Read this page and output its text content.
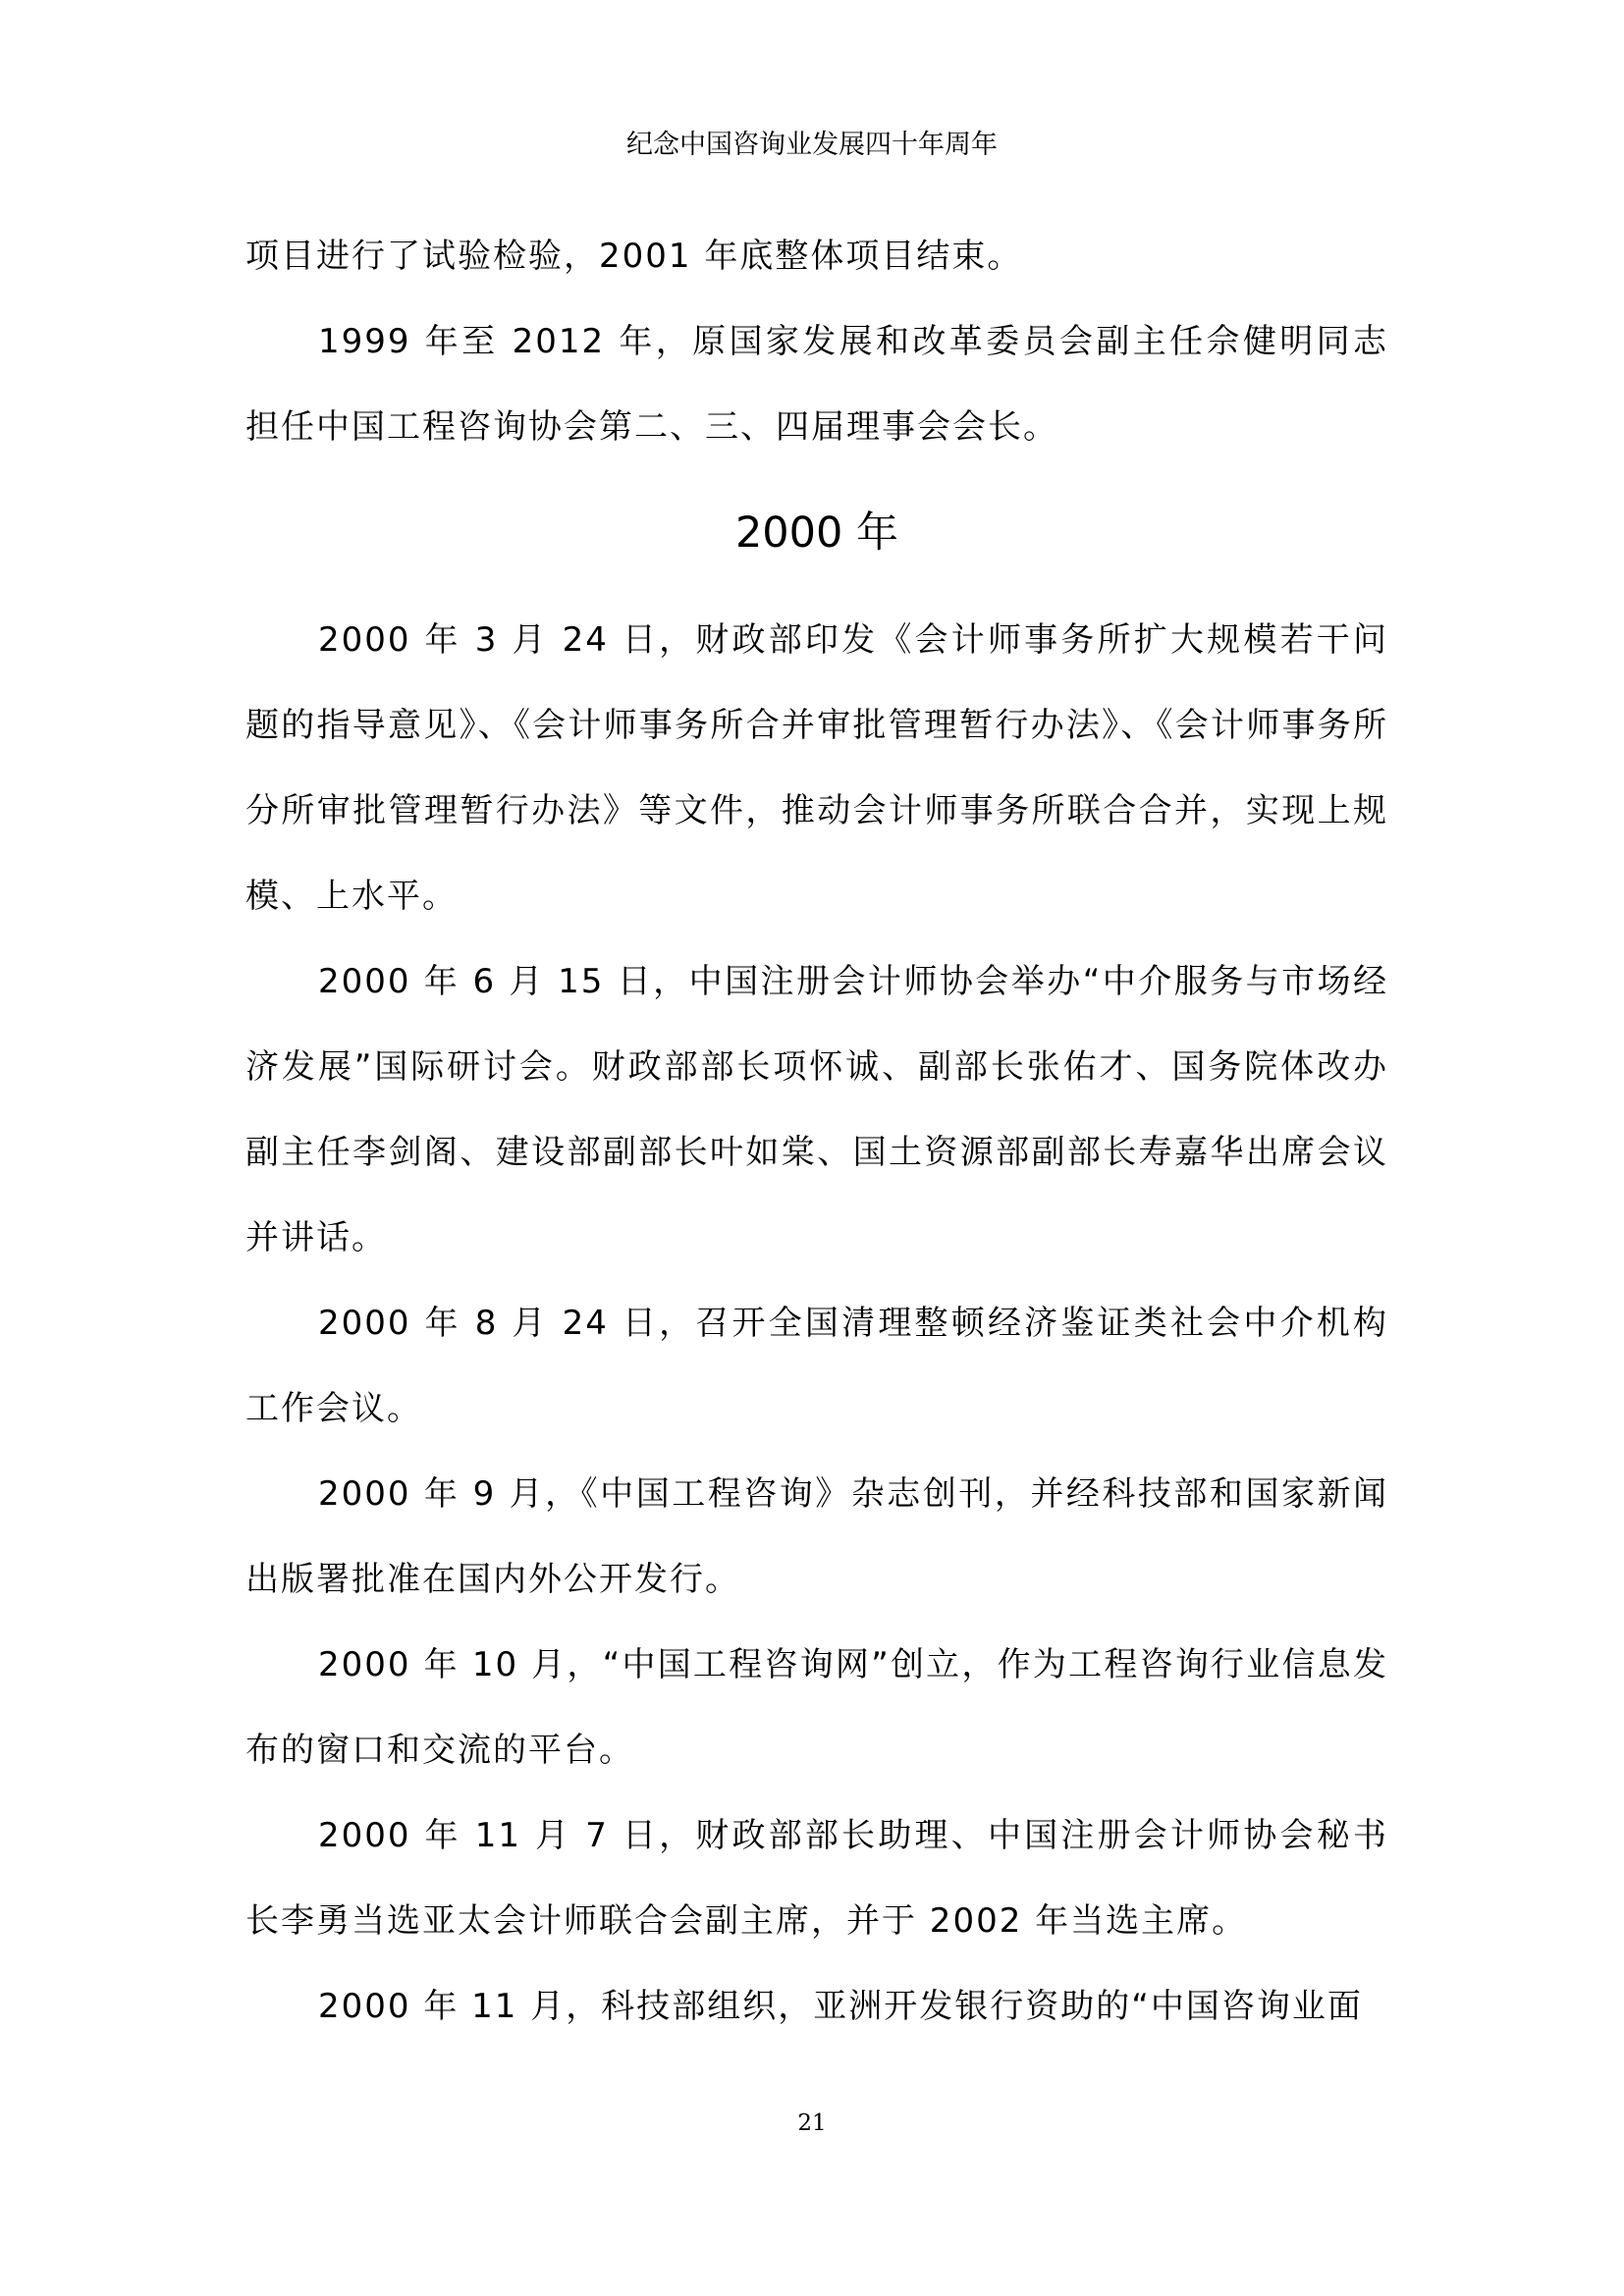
纪念中国咨询业发展四十年周年

项目进行了试验检验，2001 年底整体项目结束。

1999 年至 2012 年，原国家发展和改革委员会副主任佘健明同志担任中国工程咨询协会第二、三、四届理事会会长。

2000 年

2000 年 3 月 24 日，财政部印发《会计师事务所扩大规模若干问题的指导意见》、《会计师事务所合并审批管理暂行办法》、《会计师事务所分所审批管理暂行办法》等文件，推动会计师事务所联合合并，实现上规模、上水平。

2000 年 6 月 15 日，中国注册会计师协会举办“中介服务与市场经济发展”国际研讨会。财政部部长项怀诚、副部长张佑才、国务院体改办副主任李剑阁、建设部副部长叶如棠、国土资源部副部长寿嘉华出席会议并讲话。

2000 年 8 月 24 日，召开全国清理整顿经济鉴证类社会中介机构工作会议。

2000 年 9 月，《中国工程咨询》杂志创刊，并经科技部和国家新闻出版署批准在国内外公开发行。

2000 年 10 月，“中国工程咨询网”创立，作为工程咨询行业信息发布的窗口和交流的平台。

2000 年 11 月 7 日，财政部部长助理、中国注册会计师协会秘书长李勇当选亚太会计师联合会副主席，并于 2002 年当选主席。

2000 年 11 月，科技部组织，亚洲开发银行资助的“中国咨询业面

21
